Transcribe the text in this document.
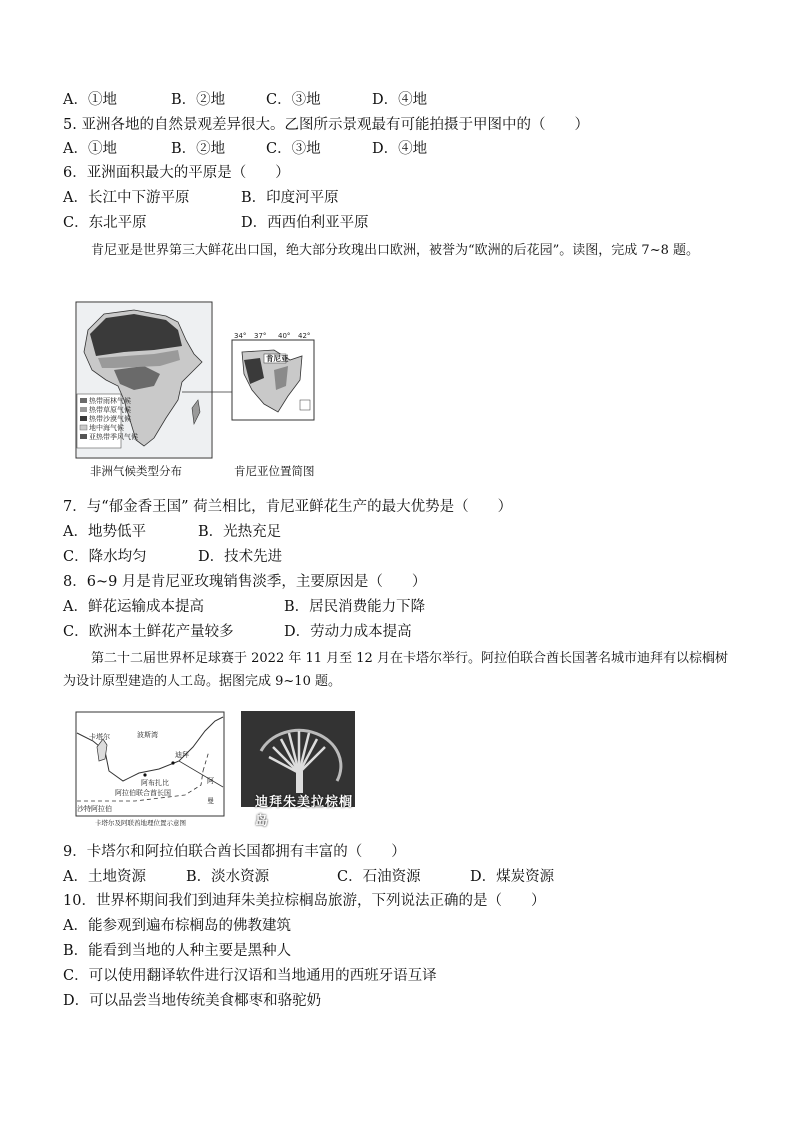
A．①地	B．②地	C．③地	D．④地
5. 亚洲各地的自然景观差异很大。乙图所示景观最有可能拍摄于甲图中的（　　）
A．①地	B．②地	C．③地	D．④地
6．亚洲面积最大的平原是（　　）
A．长江中下游平原	B．印度河平原
C．东北平原	D．西西伯利亚平原
肯尼亚是世界第三大鲜花出口国，绝大部分玫瑰出口欧洲，被誉为“欧洲的后花园”。读图，完成 7~8 题。
热带雨林气候
热带草原气候
热带沙漠气候
地中海气候
亚热带季风气候
34° 37° 40° 42°
肯尼亚
非洲气候类型分布	肯尼亚位置简图
7．与“郁金香王国” 荷兰相比，肯尼亚鲜花生产的最大优势是（　　）
A．地势低平	B．光热充足
C．降水均匀	D．技术先进
8．6~9 月是肯尼亚玫瑰销售淡季，主要原因是（　　）
A．鲜花运输成本提高	B．居民消费能力下降
C．欧洲本土鲜花产量较多	D．劳动力成本提高
第二十二届世界杯足球赛于 2022 年 11 月至 12 月在卡塔尔举行。阿拉伯联合酋长国著名城市迪拜有以棕榈树为设计原型建造的人工岛。据图完成 9~10 题。
卡塔尔	波斯湾
阿布扎比
迪拜
阿拉伯联合酋长国
沙特阿拉伯
阿
曼
卡塔尔及阿联酋地理位置示意图
迪拜朱美拉棕榈岛
9．卡塔尔和阿拉伯联合酋长国都拥有丰富的（　　）
A．土地资源	B．淡水资源	C．石油资源	D．煤炭资源
10．世界杯期间我们到迪拜朱美拉棕榈岛旅游，下列说法正确的是（　　）
A．能参观到遍布棕榈岛的佛教建筑
B．能看到当地的人种主要是黑种人
C．可以使用翻译软件进行汉语和当地通用的西班牙语互译
D．可以品尝当地传统美食椰枣和骆驼奶
